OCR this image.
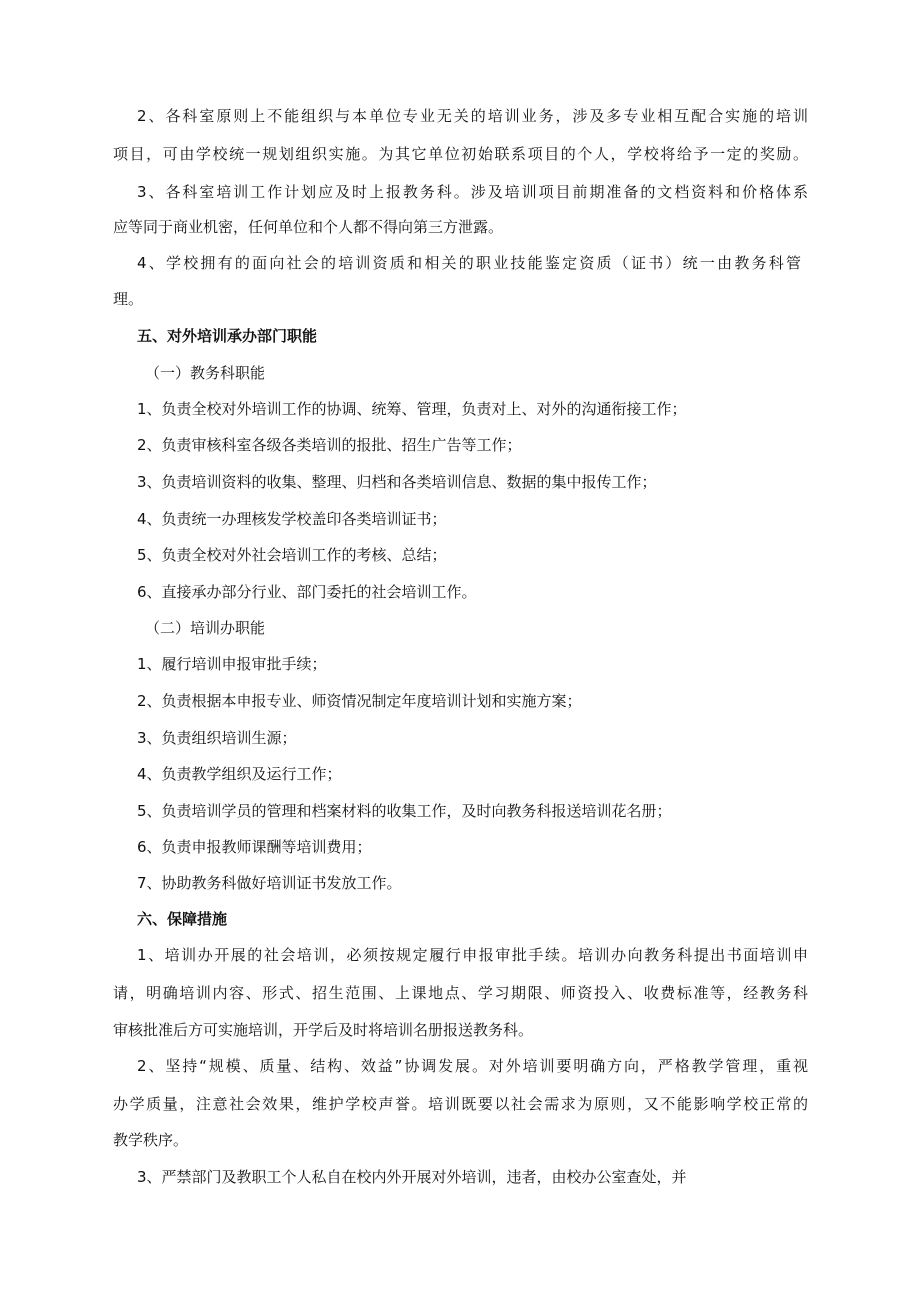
2、各科室原则上不能组织与本单位专业无关的培训业务，涉及多专业相互配合实施的培训
项目，可由学校统一规划组织实施。为其它单位初始联系项目的个人，学校将给予一定的奖励。
3、各科室培训工作计划应及时上报教务科。涉及培训项目前期准备的文档资料和价格体系
应等同于商业机密，任何单位和个人都不得向第三方泄露。
4、学校拥有的面向社会的培训资质和相关的职业技能鉴定资质（证书）统一由教务科管
理。
五、对外培训承办部门职能
（一）教务科职能
1、负责全校对外培训工作的协调、统筹、管理，负责对上、对外的沟通衔接工作；
2、负责审核科室各级各类培训的报批、招生广告等工作；
3、负责培训资料的收集、整理、归档和各类培训信息、数据的集中报传工作；
4、负责统一办理核发学校盖印各类培训证书；
5、负责全校对外社会培训工作的考核、总结；
6、直接承办部分行业、部门委托的社会培训工作。
（二）培训办职能
1、履行培训申报审批手续；
2、负责根据本申报专业、师资情况制定年度培训计划和实施方案；
3、负责组织培训生源；
4、负责教学组织及运行工作；
5、负责培训学员的管理和档案材料的收集工作，及时向教务科报送培训花名册；
6、负责申报教师课酬等培训费用；
7、协助教务科做好培训证书发放工作。
六、保障措施
1、培训办开展的社会培训，必须按规定履行申报审批手续。培训办向教务科提出书面培训申
请，明确培训内容、形式、招生范围、上课地点、学习期限、师资投入、收费标准等，经教务科
审核批准后方可实施培训，开学后及时将培训名册报送教务科。
2、坚持“规模、质量、结构、效益”协调发展。对外培训要明确方向，严格教学管理，重视
办学质量，注意社会效果，维护学校声誉。培训既要以社会需求为原则，又不能影响学校正常的
教学秩序。
3、严禁部门及教职工个人私自在校内外开展对外培训，违者，由校办公室查处，并
